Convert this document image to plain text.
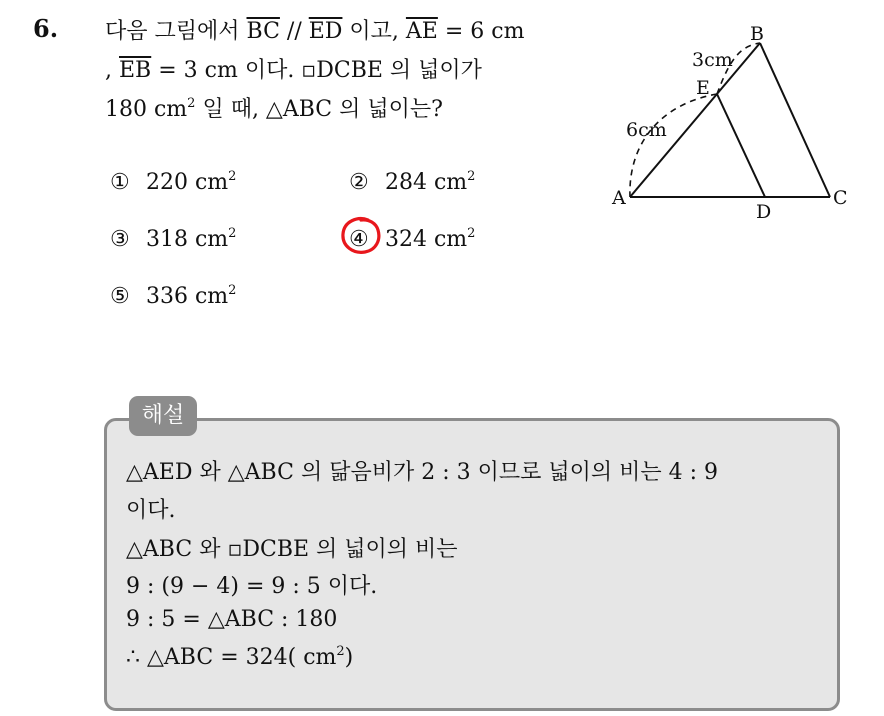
6. 다음 그림에서 $\overline{BC} // \overline{ED}$ 이고, $\overline{AE} = 6$ cm
, $\overline{EB} = 3$ cm 이다. ▫DCBE 의 넓이가
180 $cm^2$ 일 때, △ABC 의 넓이는?
① 220 $cm^2$	② 284 $cm^2$
③ 318 $cm^2$	④ 324 $cm^2$
⑤ 336 $cm^2$
A
B
C
D
E
3cm
6cm
해설
△AED 와 △ABC 의 닮음비가 2 : 3 이므로 넓이의 비는 4 : 9
이다.
△ABC 와 ▫DCBE 의 넓이의 비는
9 : (9 − 4) = 9 : 5 이다.
9 : 5 = △ABC : 180
∴ △ABC = 324( $cm^2$)
